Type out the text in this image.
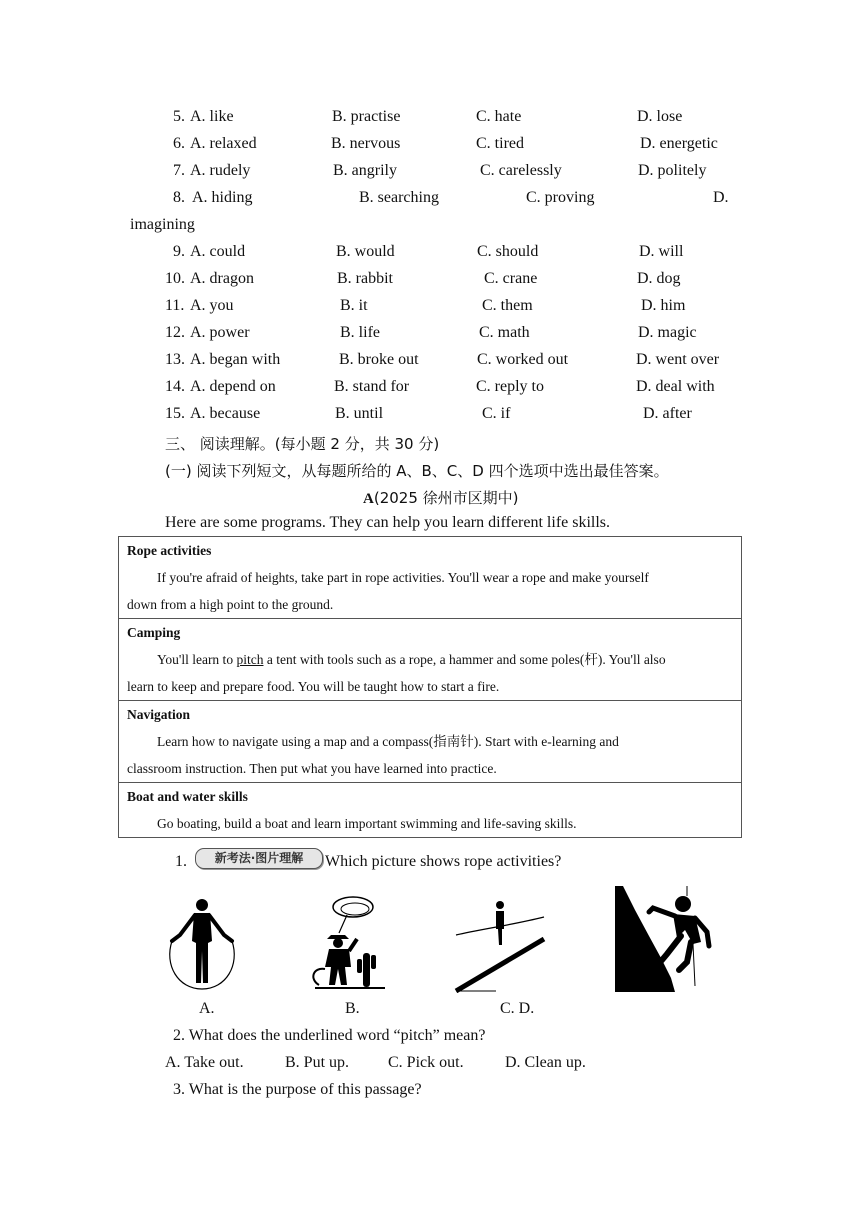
5. A. like	B. practise	C. hate	D. lose
6. A. relaxed	B. nervous	C. tired	D. energetic
7. A. rudely	B. angrily	C. carelessly	D. politely
8. A. hiding	B. searching	C. proving	D.
imagining
9. A. could	B. would	C. should	D. will
10. A. dragon	B. rabbit	C. crane	D. dog
11. A. you	B. it	C. them	D. him
12. A. power	B. life	C. math	D. magic
13. A. began with	B. broke out	C. worked out	D. went over
14. A. depend on	B. stand for	C. reply to	D. deal with
15. A. because	B. until	C. if	D. after
三、 阅读理解。(每小题 2 分，共 30 分)
(一) 阅读下列短文，从每题所给的 A、B、C、D 四个选项中选出最佳答案。
A(2025 徐州市区期中)
Here are some programs. They can help you learn different life skills.
Rope activities
If you're afraid of heights, take part in rope activities. You'll wear a rope and make yourself
down from a high point to the ground.

Camping
You'll learn to pitch a tent with tools such as a rope, a hammer and some poles(杆). You'll also
learn to keep and prepare food. You will be taught how to start a fire.

Navigation
Learn how to navigate using a map and a compass(指南针). Start with e-learning and
classroom instruction. Then put what you have learned into practice.

Boat and water skills
Go boating, build a boat and learn important swimming and life-saving skills.
1.	新考法·图片理解	Which picture shows rope activities?
A.	B.	C. D.
2. What does the underlined word “pitch” mean?
A. Take out.	B. Put up. C. Pick out.	D. Clean up.
3. What is the purpose of this passage?
